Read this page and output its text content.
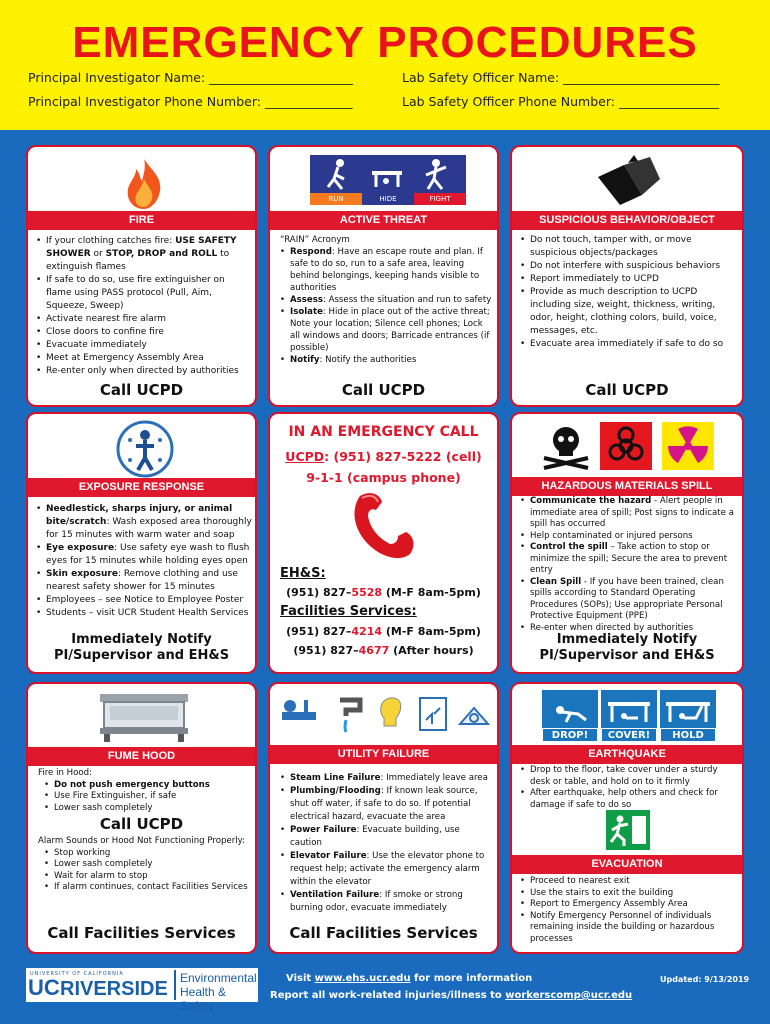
EMERGENCY PROCEDURES
Principal Investigator Name: _______________________
Principal Investigator Phone Number: ______________
Lab Safety Officer Name: _________________________
Lab Safety Officer Phone Number: ________________
FIRE
• If your clothing catches fire: USE SAFETY SHOWER or STOP, DROP and ROLL to extinguish flames
• If safe to do so, use fire extinguisher on flame using PASS protocol (Pull, Aim, Squeeze, Sweep)
• Activate nearest fire alarm
• Close doors to confine fire
• Evacuate immediately
• Meet at Emergency Assembly Area
• Re-enter only when directed by authorities
Call UCPD
RUN	HIDE	FIGHT
ACTIVE THREAT
“RAIN” Acronym
• Respond: Have an escape route and plan. If safe to do so, run to a safe area, leaving behind belongings, keeping hands visible to authorities
• Assess: Assess the situation and run to safety
• Isolate: Hide in place out of the active threat; Note your location; Silence cell phones; Lock all windows and doors; Barricade entrances (if possible)
• Notify: Notify the authorities
Call UCPD
SUSPICIOUS BEHAVIOR/OBJECT
• Do not touch, tamper with, or move suspicious objects/packages
• Do not interfere with suspicious behaviors
• Report immediately to UCPD
• Provide as much description to UCPD including size, weight, thickness, writing, odor, height, clothing colors, build, voice, messages, etc.
• Evacuate area immediately if safe to do so
Call UCPD
EXPOSURE RESPONSE
• Needlestick, sharps injury, or animal bite/scratch: Wash exposed area thoroughly for 15 minutes with warm water and soap
• Eye exposure: Use safety eye wash to flush eyes for 15 minutes while holding eyes open
• Skin exposure: Remove clothing and use nearest safety shower for 15 minutes
• Employees – see Notice to Employee Poster
• Students – visit UCR Student Health Services
Immediately Notify
PI/Supervisor and EH&S
IN AN EMERGENCY CALL
UCPD: (951) 827-5222 (cell)
9-1-1 (campus phone)
EH&S:
(951) 827–5528 (M-F 8am-5pm)
Facilities Services:
(951) 827–4214 (M-F 8am-5pm)
(951) 827–4677 (After hours)
HAZARDOUS MATERIALS SPILL
• Communicate the hazard - Alert people in immediate area of spill; Post signs to indicate a spill has occurred
• Help contaminated or injured persons
• Control the spill – Take action to stop or minimize the spill; Secure the area to prevent entry
• Clean Spill - If you have been trained, clean spills according to Standard Operating Procedures (SOPs); Use appropriate Personal Protective Equipment (PPE)
• Re-enter when directed by authorities
Immediately Notify
PI/Supervisor and EH&S
FUME HOOD
Fire in Hood:
• Do not push emergency buttons
• Use Fire Extinguisher, if safe
• Lower sash completely
Call UCPD
Alarm Sounds or Hood Not Functioning Properly:
• Stop working
• Lower sash completely
• Wait for alarm to stop
• If alarm continues, contact Facilities Services
Call Facilities Services
UTILITY FAILURE
• Steam Line Failure: Immediately leave area
• Plumbing/Flooding: If known leak source, shut off water, if safe to do so. If potential electrical hazard, evacuate the area
• Power Failure: Evacuate building, use caution
• Elevator Failure: Use the elevator phone to request help; activate the emergency alarm within the elevator
• Ventilation Failure: If smoke or strong burning odor, evacuate immediately
Call Facilities Services
DROP!	COVER!	HOLD
EARTHQUAKE
• Drop to the floor, take cover under a sturdy desk or table, and hold on to it firmly
• After earthquake, help others and check for damage if safe to do so
EVACUATION
• Proceed to nearest exit
• Use the stairs to exit the building
• Report to Emergency Assembly Area
• Notify Emergency Personnel of individuals remaining inside the building or hazardous processes
UNIVERSITY OF CALIFORNIA
UC RIVERSIDE Environmental
Health & Safety
Visit www.ehs.ucr.edu for more information
Report all work-related injuries/illness to workerscomp@ucr.edu
Updated: 9/13/2019
